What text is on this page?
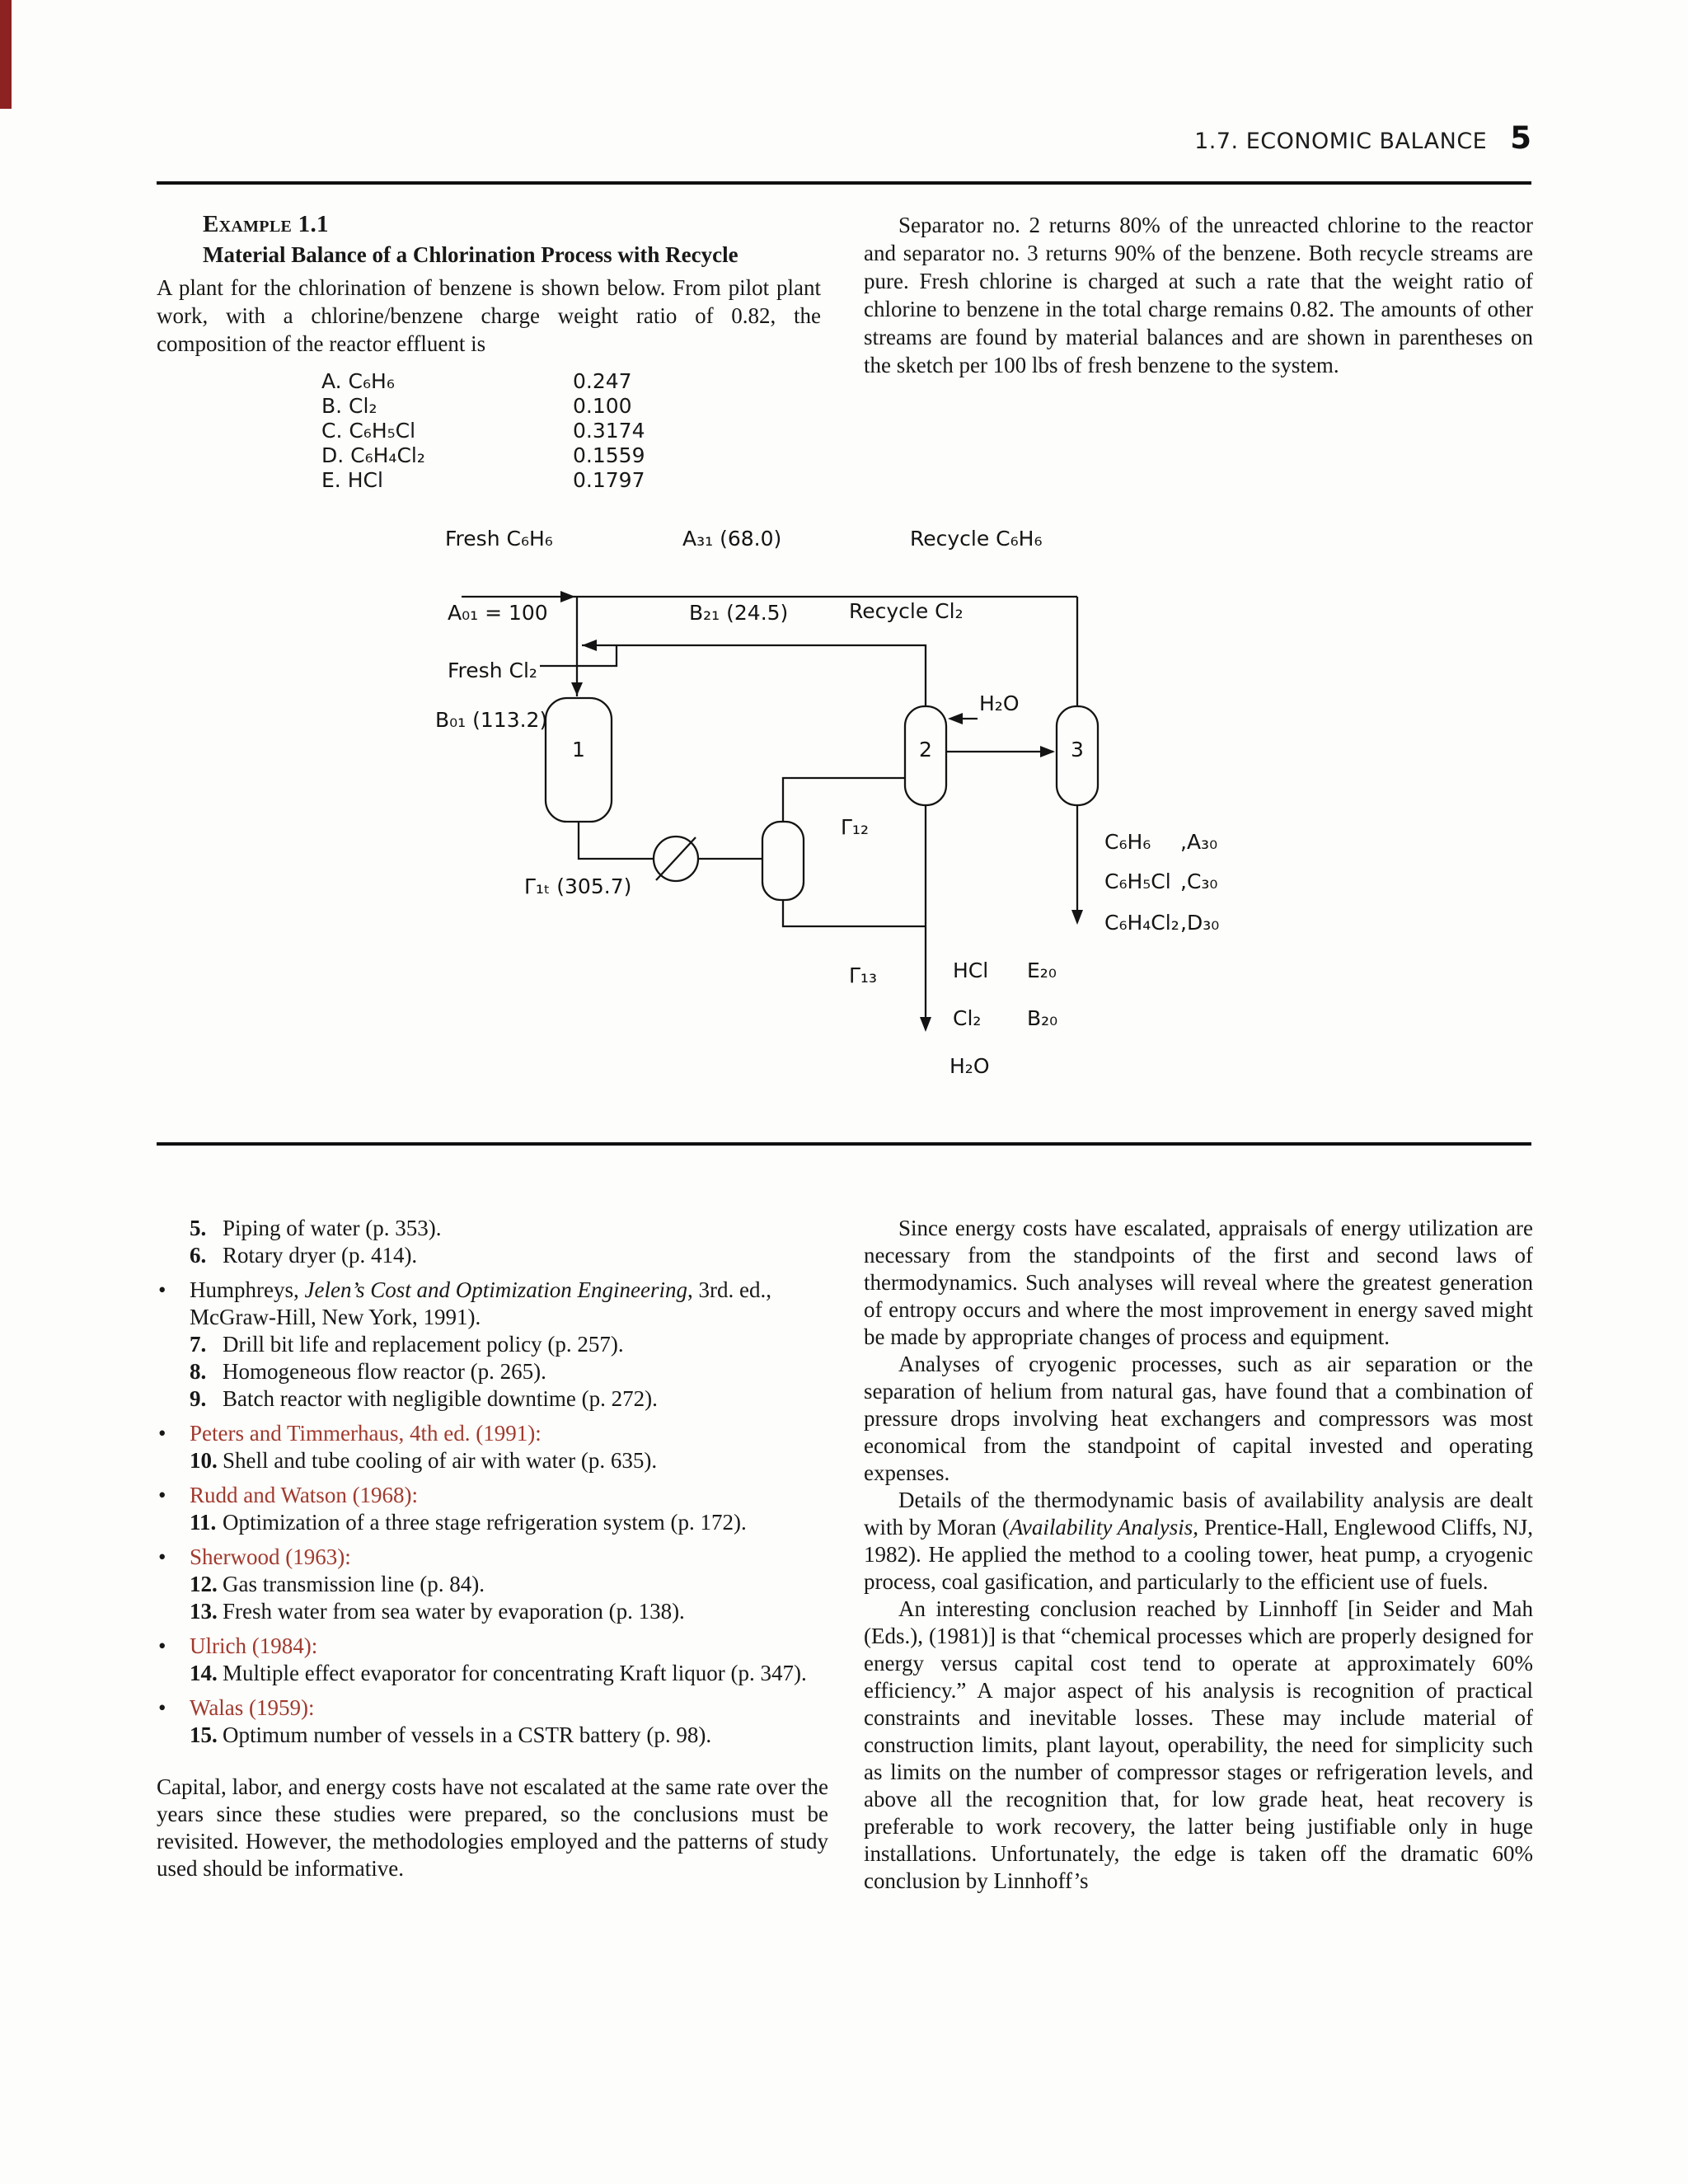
1.7. ECONOMIC BALANCE 5
Example 1.1
Material Balance of a Chlorination Process with Recycle

A plant for the chlorination of benzene is shown below. From pilot plant work, with a chlorine/benzene charge weight ratio of 0.82, the composition of the reactor effluent is

A. C₆H₆	0.247
B. Cl₂	0.100
C. C₆H₅Cl	0.3174
D. C₆H₄Cl₂	0.1559
E. HCl	0.1797

Separator no. 2 returns 80% of the unreacted chlorine to the reactor and separator no. 3 returns 90% of the benzene. Both recycle streams are pure. Fresh chlorine is charged at such a rate that the weight ratio of chlorine to benzene in the total charge remains 0.82. The amounts of other streams are found by material balances and are shown in parentheses on the sketch per 100 lbs of fresh benzene to the system.

Fresh C₆H₆	A₃₁ (68.0)	Recycle C₆H₆
A₀₁ = 100	B₂₁ (24.5)	Recycle Cl₂
Fresh Cl₂
B₀₁ (113.2)
1	2	3
H₂O
Γ₁ₜ (305.7)
Γ₁₂
Γ₁₃
C₆H₆ ,A₃₀
C₆H₅Cl ,C₃₀
C₆H₄Cl₂ ,D₃₀
HCl E₂₀
Cl₂ B₂₀
H₂O
5. Piping of water (p. 353).
6. Rotary dryer (p. 414).
• Humphreys, Jelen’s Cost and Optimization Engineering, 3rd. ed., McGraw-Hill, New York, 1991).
7. Drill bit life and replacement policy (p. 257).
8. Homogeneous flow reactor (p. 265).
9. Batch reactor with negligible downtime (p. 272).
• Peters and Timmerhaus, 4th ed. (1991):
10. Shell and tube cooling of air with water (p. 635).
• Rudd and Watson (1968):
11. Optimization of a three stage refrigeration system (p. 172).
• Sherwood (1963):
12. Gas transmission line (p. 84).
13. Fresh water from sea water by evaporation (p. 138).
• Ulrich (1984):
14. Multiple effect evaporator for concentrating Kraft liquor (p. 347).
• Walas (1959):
15. Optimum number of vessels in a CSTR battery (p. 98).

Capital, labor, and energy costs have not escalated at the same rate over the years since these studies were prepared, so the conclusions must be revisited. However, the methodologies employed and the patterns of study used should be informative.

Since energy costs have escalated, appraisals of energy utilization are necessary from the standpoints of the first and second laws of thermodynamics. Such analyses will reveal where the greatest generation of entropy occurs and where the most improvement in energy saved might be made by appropriate changes of process and equipment.

Analyses of cryogenic processes, such as air separation or the separation of helium from natural gas, have found that a combination of pressure drops involving heat exchangers and compressors was most economical from the standpoint of capital invested and operating expenses.

Details of the thermodynamic basis of availability analysis are dealt with by Moran (Availability Analysis, Prentice-Hall, Englewood Cliffs, NJ, 1982). He applied the method to a cooling tower, heat pump, a cryogenic process, coal gasification, and particularly to the efficient use of fuels.

An interesting conclusion reached by Linnhoff [in Seider and Mah (Eds.), (1981)] is that “chemical processes which are properly designed for energy versus capital cost tend to operate at approximately 60% efficiency.” A major aspect of his analysis is recognition of practical constraints and inevitable losses. These may include material of construction limits, plant layout, operability, the need for simplicity such as limits on the number of compressor stages or refrigeration levels, and above all the recognition that, for low grade heat, heat recovery is preferable to work recovery, the latter being justifiable only in huge installations. Unfortunately, the edge is taken off the dramatic 60% conclusion by Linnhoff’s
